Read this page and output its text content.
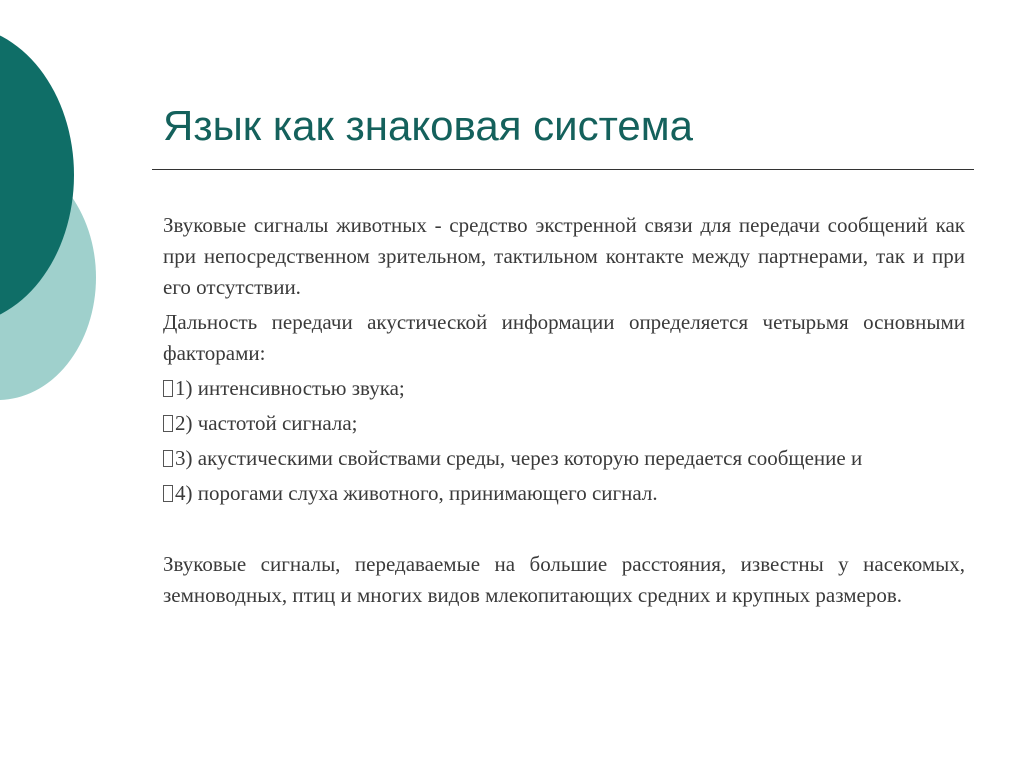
Язык как знаковая система

Звуковые сигналы животных - средство экстренной связи для передачи сообщений как при непосредственном зрительном, тактильном контакте между партнерами, так и при его отсутствии.

Дальность передачи акустической информации определяется четырьмя основными факторами:

1) интенсивностью звука;

2) частотой сигнала;

3) акустическими свойствами среды, через которую передается сообщение и

4) порогами слуха животного, принимающего сигнал.

Звуковые сигналы, передаваемые на большие расстояния, известны у насекомых, земноводных, птиц и многих видов млекопитающих средних и крупных размеров.
